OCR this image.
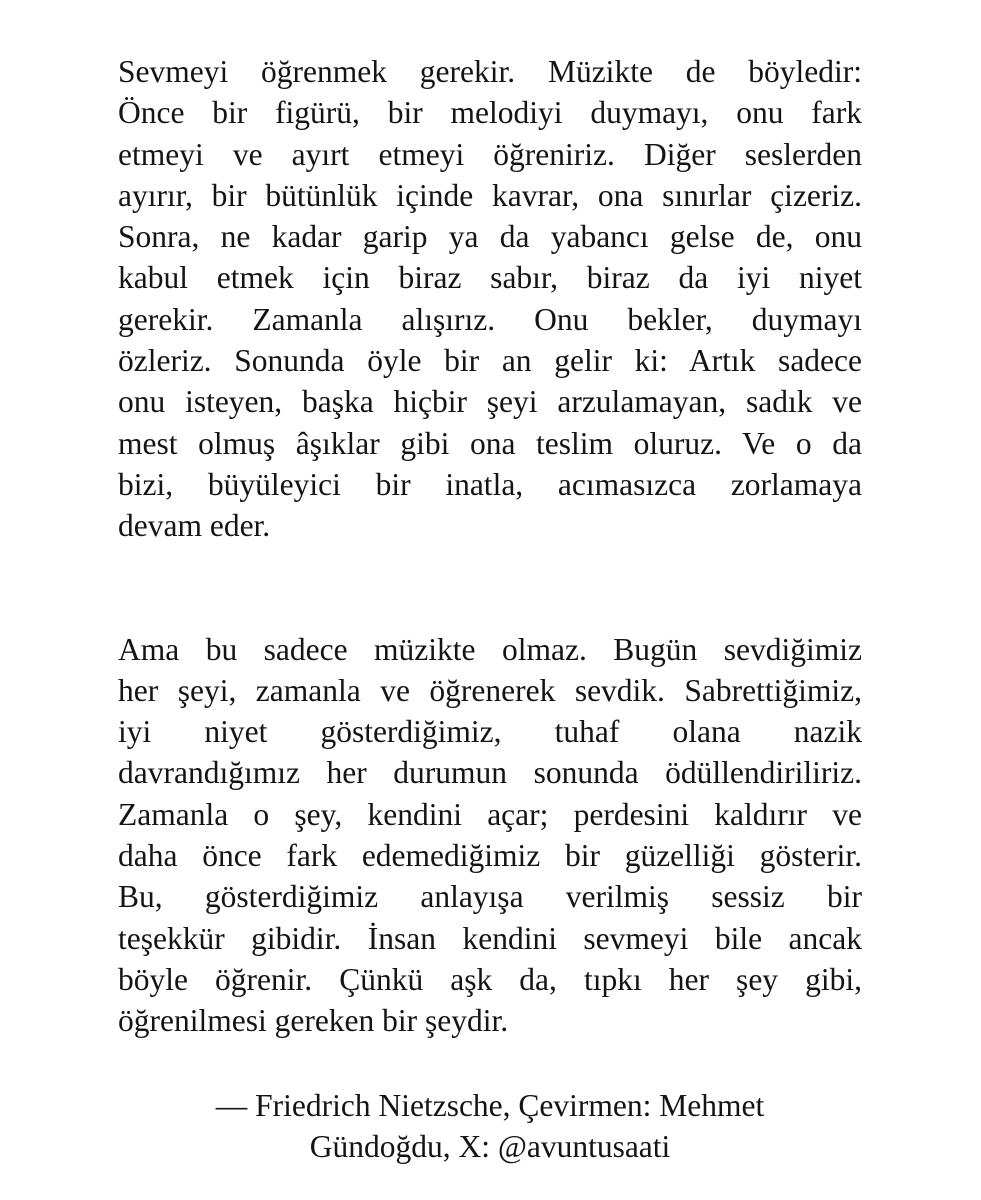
Sevmeyi öğrenmek gerekir. Müzikte de böyledir:
Önce bir figürü, bir melodiyi duymayı, onu fark
etmeyi ve ayırt etmeyi öğreniriz. Diğer seslerden
ayırır, bir bütünlük içinde kavrar, ona sınırlar çizeriz.
Sonra, ne kadar garip ya da yabancı gelse de, onu
kabul etmek için biraz sabır, biraz da iyi niyet
gerekir. Zamanla alışırız. Onu bekler, duymayı
özleriz. Sonunda öyle bir an gelir ki: Artık sadece
onu isteyen, başka hiçbir şeyi arzulamayan, sadık ve
mest olmuş âşıklar gibi ona teslim oluruz. Ve o da
bizi, büyüleyici bir inatla, acımasızca zorlamaya
devam eder.
Ama bu sadece müzikte olmaz. Bugün sevdiğimiz
her şeyi, zamanla ve öğrenerek sevdik. Sabrettiğimiz,
iyi niyet gösterdiğimiz, tuhaf olana nazik
davrandığımız her durumun sonunda ödüllendiriliriz.
Zamanla o şey, kendini açar; perdesini kaldırır ve
daha önce fark edemediğimiz bir güzelliği gösterir.
Bu, gösterdiğimiz anlayışa verilmiş sessiz bir
teşekkür gibidir. İnsan kendini sevmeyi bile ancak
böyle öğrenir. Çünkü aşk da, tıpkı her şey gibi,
öğrenilmesi gereken bir şeydir.
— Friedrich Nietzsche, Çevirmen: Mehmet
Gündoğdu, X: @avuntusaati
